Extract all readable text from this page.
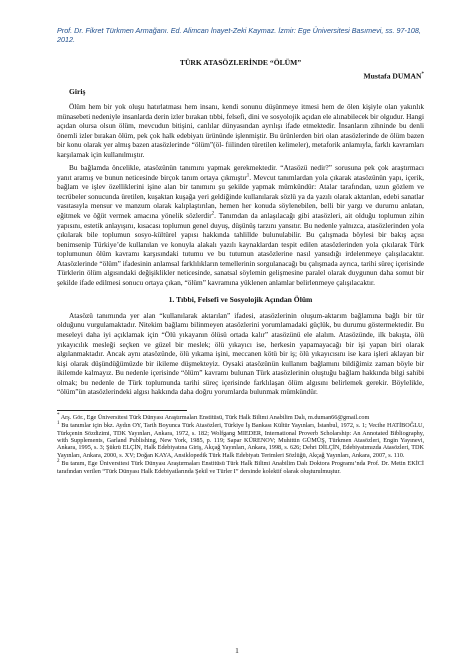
Prof. Dr. Fikret Türkmen Armağanı. Ed. Alimcan İnayet-Zeki Kaymaz. İzmir: Ege Üniversitesi Basımevi, ss. 97-108, 2012.
TÜRK ATASÖZLERİNDE “ÖLÜM”
Mustafa DUMAN*
Giriş

Ölüm hem bir yok oluşu hatırlatması hem insanı, kendi sonunu düşünmeye itmesi hem de ölen kişiyle olan yakınlık münasebeti nedeniyle insanlarda derin izler bırakan tıbbi, felsefi, dini ve sosyolojik açıdan ele alınabilecek bir olgudur. Hangi açıdan olursa olsun ölüm, mevcudun bitişini, canlılar dünyasından ayrılışı ifade etmektedir. İnsanların zihninde bu denli önemli izler bırakan ölüm, pek çok halk edebiyatı ürününde işlenmiştir. Bu ürünlerden biri olan atasözlerinde de ölüm bazen bir konu olarak yer almış bazen atasözlerinde “ölüm”(öl- fiilinden türetilen kelimeler), metaforik anlamıyla, farklı kavramları karşılamak için kullanılmıştır.

Bu bağlamda öncelikle, atasözünün tanımını yapmak gerekmektedir. “Atasözü nedir?” sorusuna pek çok araştırmacı yanıt aramış ve bunun neticesinde birçok tanım ortaya çıkmıştır$^1$. Mevcut tanımlardan yola çıkarak atasözünün yapı, içerik, bağlam ve işlev özelliklerini işine alan bir tanımını şu şekilde yapmak mümkündür: Atalar tarafından, uzun gözlem ve tecrübeler sonucunda üretilen, kuşaktan kuşağa yeri geldiğinde kullanılarak sözlü ya da yazılı olarak aktarılan, edebi sanatlar vasıtasıyla mensur ve manzum olarak kalıplaştırılan, hemen her konuda söylenebilen, belli bir yargı ve durumu anlatan, eğitmek ve öğüt vermek amacına yönelik sözlerdir$^2$. Tanımdan da anlaşılacağı gibi atasözleri, ait olduğu toplumun zihin yapısını, estetik anlayışını, kısacası toplumun genel duyuş, düşünüş tarzını yansıtır. Bu nedenle yalnızca, atasözlerinden yola çıkılarak bile toplumun sosyo-kültürel yapısı hakkında tahlillde bulunulabilir. Bu çalışmada böylesi bir bakış açısı benimsenip Türkiye’de kullanılan ve konuyla alakalı yazılı kaynaklardan tespit edilen atasözlerinden yola çıkılarak Türk toplumunun ölüm kavramı karşısındaki tutumu ve bu tutumun atasözlerine nasıl yansıdığı irdelenmeye çalışılacaktır. Atasözlerinde “ölüm” ifadesinin anlamsal farklılıkların temellerinin sorgulanacağı bu çalışmada ayrıca, tarihi süreç içerisinde Türklerin ölüm algısındaki değişiklikler neticesinde, sanatsal söylemin gelişmesine paralel olarak duygunun daha somut bir şekilde ifade edilmesi sonucu ortaya çıkan, “ölüm” kavramına yüklenen anlamlar belirlenmeye çalışılacaktır.

1. Tıbbi, Felsefi ve Sosyolojik Açından Ölüm

Atasözü tanımında yer alan “kullanılarak aktarılan” ifadesi, atasözlerinin oluşum-aktarım bağlamına bağlı bir tür olduğunu vurgulamaktadır. Nitekim bağlamı bilinmeyen atasözlerini yorumlamadaki güçlük, bu durumu göstermektedir. Bu meseleyi daha iyi açıklamak için “Ölü yıkayanın ölüsü ortada kalır” atasözünü ele alalım. Atasözünde, ilk bakışta, ölü yıkayıcılık mesleği seçken ve güzel bir meslek; ölü yıkayıcı ise, herkesin yapamayacağı bir işi yapan biri olarak algılanmaktadır. Ancak aynı atasözünde, ölü yıkama işini, meccanen kötü bir iş; ölü yıkayıcısını ise kara işleri aklayan bir kişi olarak düşündüğümüzde bir ikileme düşmekteyiz. Oysaki atasözünün kullanım bağlamını bildiğimiz zaman böyle bir ikilemde kalmayız. Bu nedenle içerisinde “ölüm” kavramı bulunan Türk atasözlerinin oluştuğu bağlam hakkında bilgi sahibi olmak; bu nedenle de Türk toplumunda tarihi süreç içerisinde farklılaşan ölüm algısını belirlemek gerekir. Böylelikle, “ölüm”ün atasözlerindeki algısı hakkında daha doğru yorumlarda bulunmak mümkündür.

* Arş. Gör., Ege Üniversitesi Türk Dünyası Araştırmaları Enstitüsü, Türk Halk Bilimi Anabilim Dalı, m.duman66@gmail.com
$^1$ Bu tanımlar için bkz. Aydın OY, Tarih Boyunca Türk Atasözleri, Türkiye İş Bankası Kültür Yayınları, İstanbul, 1972, s. 1; Vecihe HATİBOĞLU, Türkçenin Sözdizimi, TDK Yayınları, Ankara, 1972, s. 182; Wolfgang MIEDER, International Proverb Scholarship: An Annotated Bibliography, with Supplements, Garland Publishing, New York, 1985, p. 119; Sapar KÜRENOV; Muhittin GÜMÜŞ, Türkmen Atasözleri, Engin Yayınevi, Ankara, 1995, s. 3; Şükrü ELÇİN, Halk Edebiyatına Giriş, Akçağ Yayınları, Ankara, 1998, s. 626; Dehri DİLÇİN, Edebiyatımızda Atasözleri, TDK Yayınları, Ankara, 2000, s. XV; Doğan KAYA, Ansiklopedik Türk Halk Edebiyatı Terimleri Sözlüğü, Akçağ Yayınları, Ankara, 2007, s. 110.
$^2$ Bu tanım, Ege Üniversitesi Türk Dünyası Araştırmaları Enstitüsü Türk Halk Bilimi Anabilim Dalı Doktora Programı’nda Prof. Dr. Metin EKİCİ tarafından verilen “Türk Dünyası Halk Edebiyatlarında Şekil ve Türler I” dersinde kolektif olarak oluşturulmuştur.
1
